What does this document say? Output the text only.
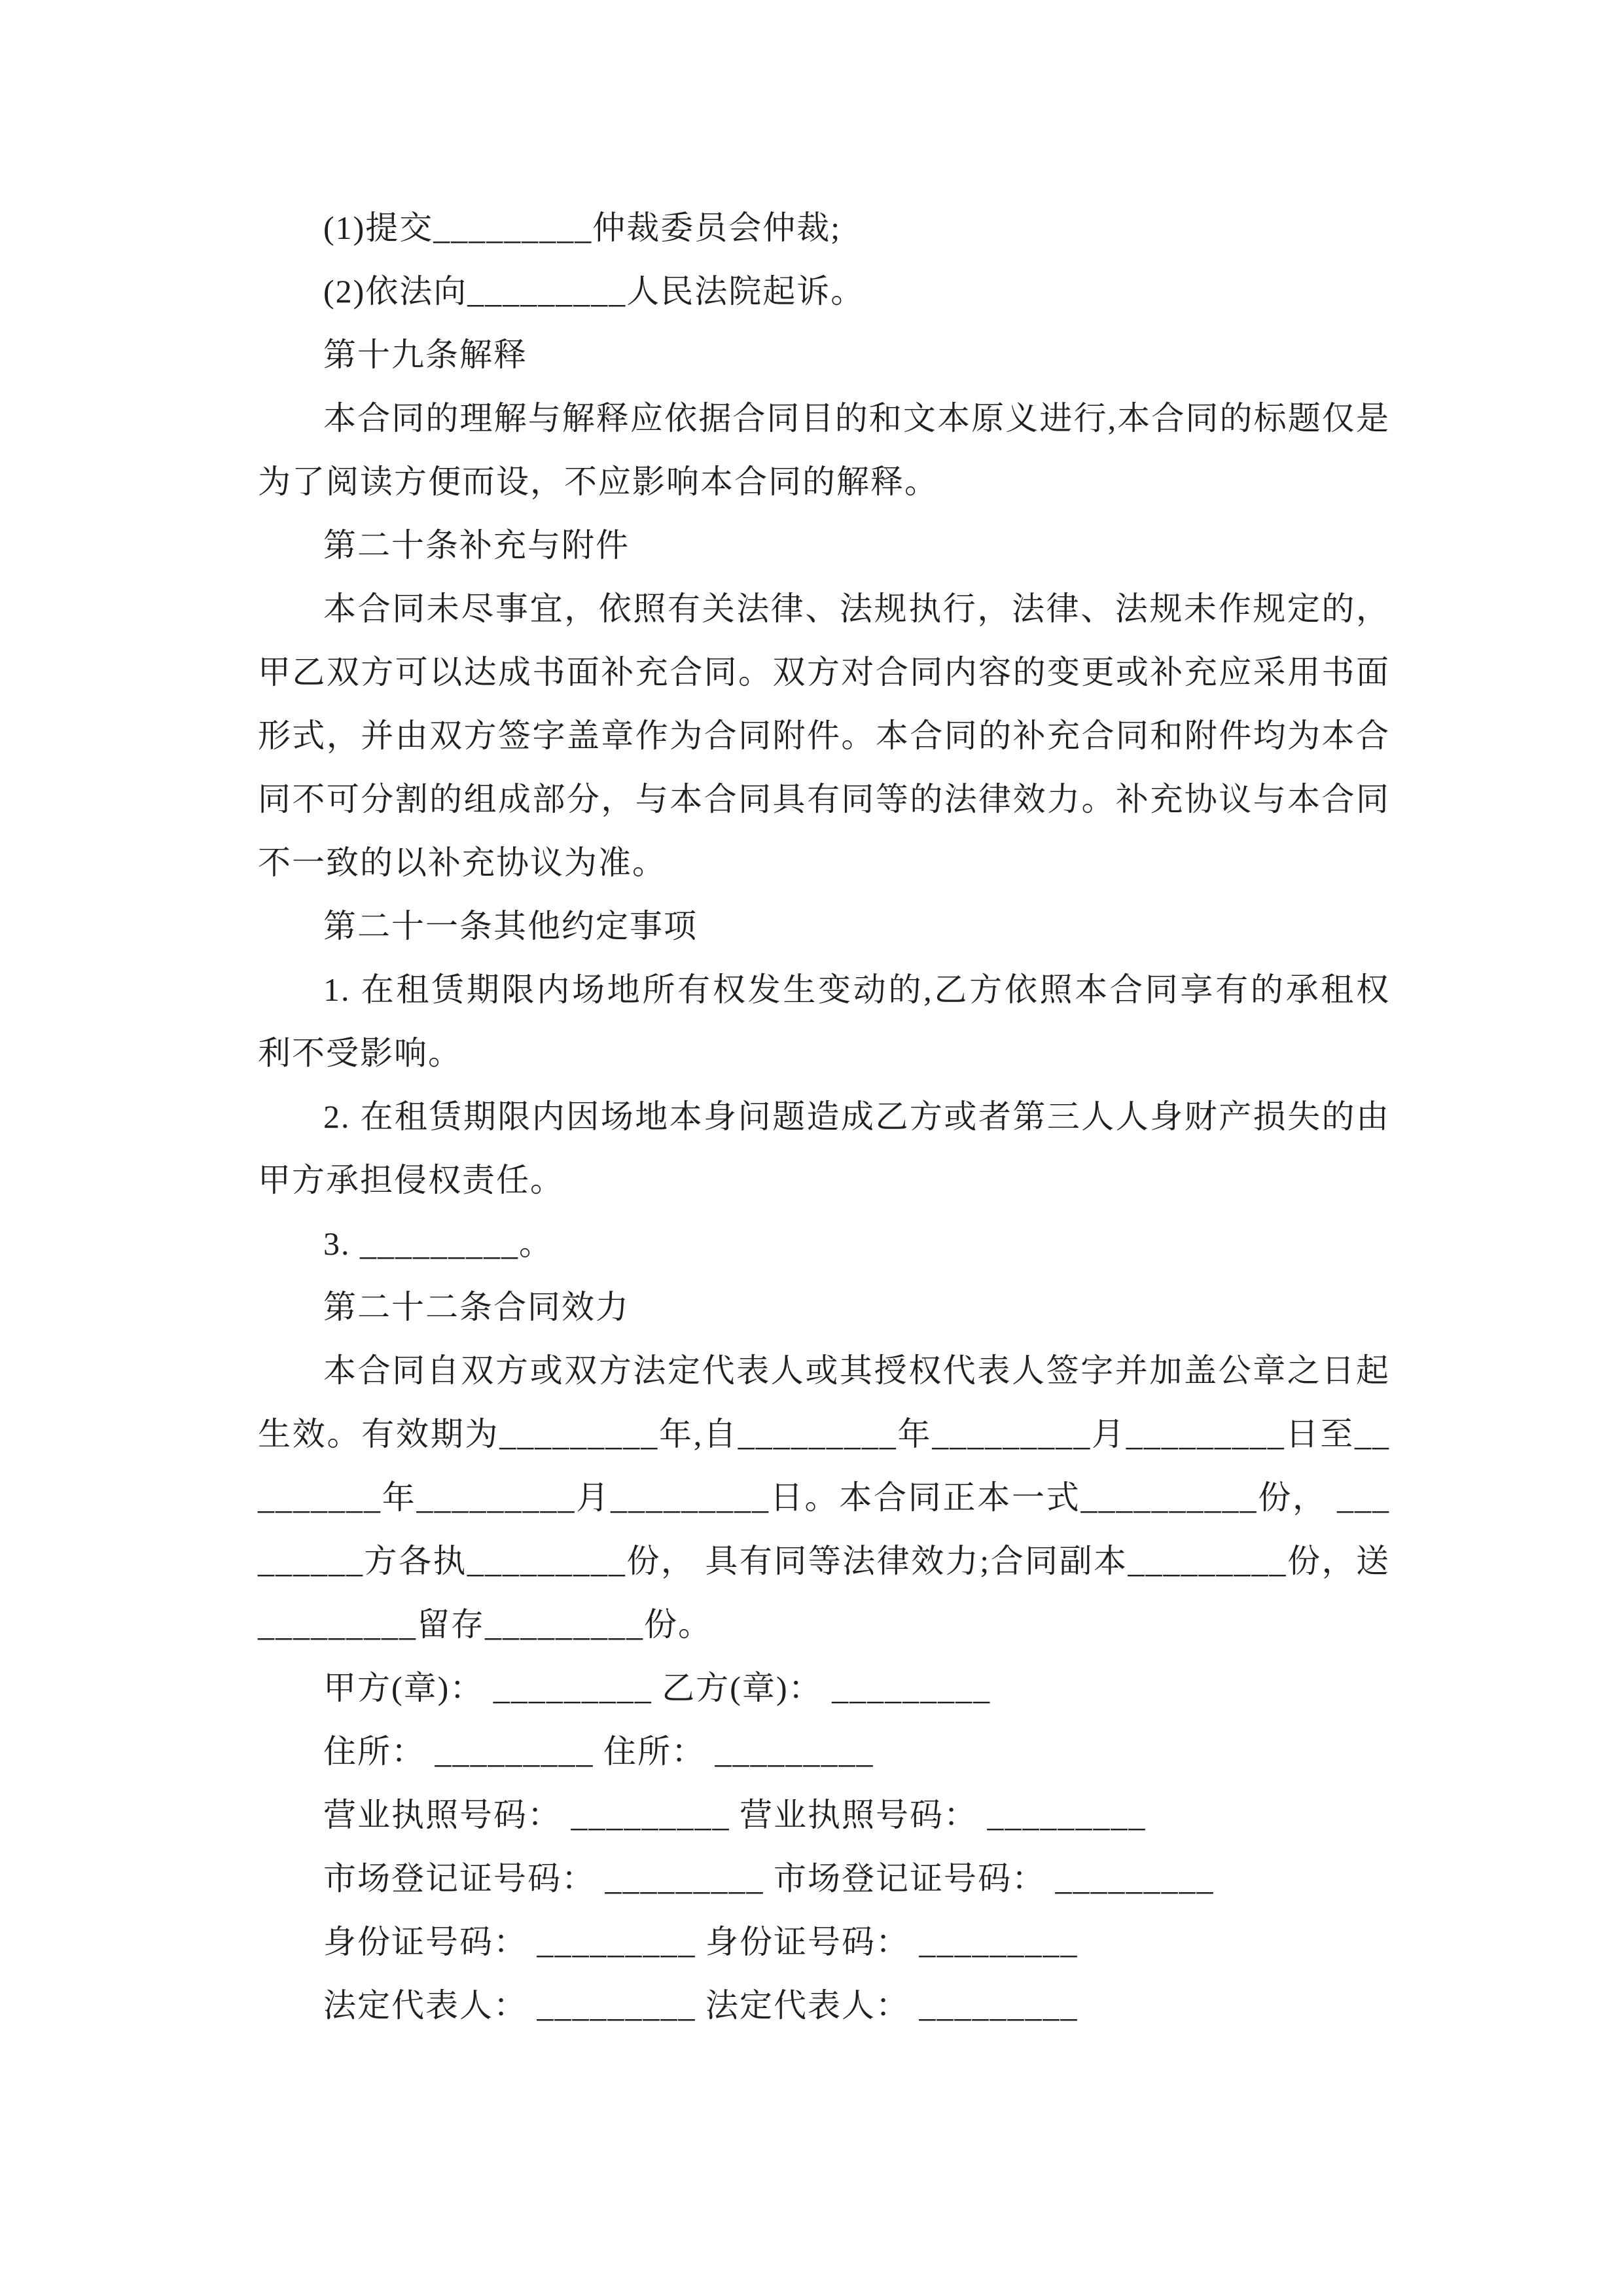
(1)提交_________仲裁委员会仲裁;

(2)依法向_________人民法院起诉。

第十九条解释

本合同的理解与解释应依据合同目的和文本原义进行,本合同的标题仅是为了阅读方便而设，不应影响本合同的解释。

第二十条补充与附件

本合同未尽事宜，依照有关法律、法规执行，法律、法规未作规定的，甲乙双方可以达成书面补充合同。双方对合同内容的变更或补充应采用书面形式，并由双方签字盖章作为合同附件。本合同的补充合同和附件均为本合同不可分割的组成部分，与本合同具有同等的法律效力。补充协议与本合同不一致的以补充协议为准。

第二十一条其他约定事项

1. 在租赁期限内场地所有权发生变动的,乙方依照本合同享有的承租权利不受影响。

2. 在租赁期限内因场地本身问题造成乙方或者第三人人身财产损失的由甲方承担侵权责任。

3. _________。

第二十二条合同效力

本合同自双方或双方法定代表人或其授权代表人签字并加盖公章之日起生效。有效期为_________年,自_________年_________月_________日至_________年_________月_________日。本合同正本一式__________份， _________方各执_________份， 具有同等法律效力;合同副本_________份，送_________留存_________份。

甲方(章)： _________ 乙方(章)： _________

住所： _________ 住所： _________

营业执照号码： _________ 营业执照号码： _________

市场登记证号码： _________ 市场登记证号码： _________

身份证号码： _________ 身份证号码： _________

法定代表人： _________ 法定代表人： _________
